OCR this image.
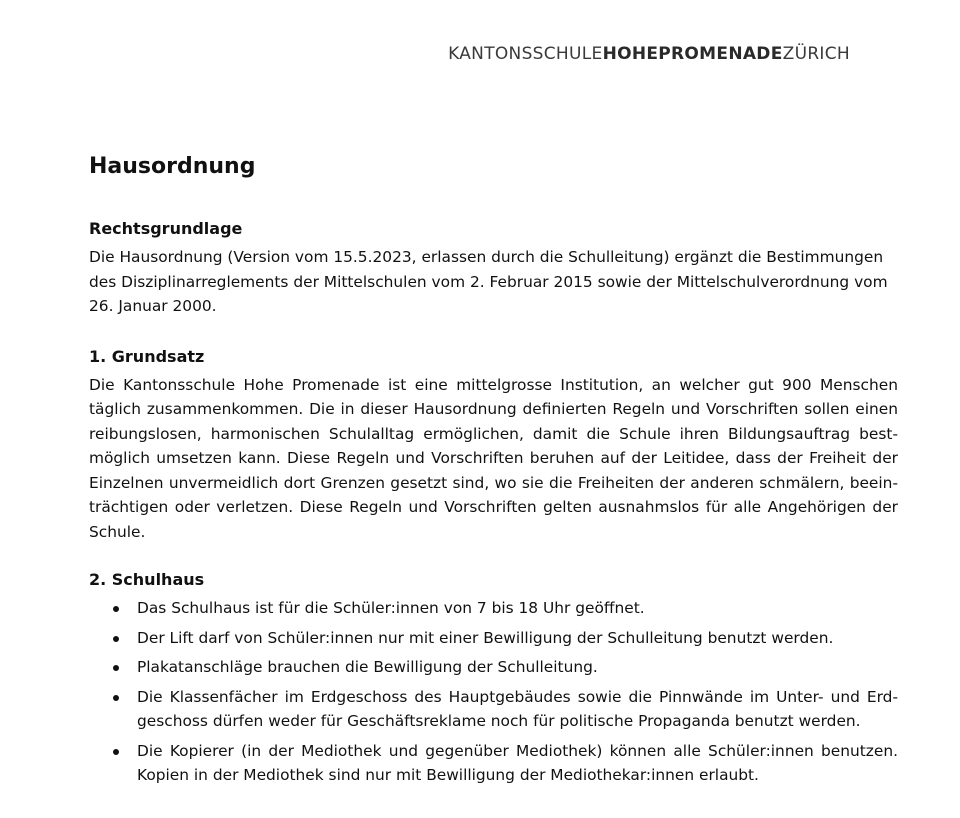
KANTONSSCHULEHOHEPROMENADEZÜRICH
Hausordnung
Rechtsgrundlage

Die Hausordnung (Version vom 15.5.2023, erlassen durch die Schulleitung) ergänzt die Bestimmungen des Disziplinarreglements der Mittelschulen vom 2. Februar 2015 sowie der Mittelschulverordnung vom 26. Januar 2000.

1. Grundsatz

Die Kantonsschule Hohe Promenade ist eine mittelgrosse Institution, an welcher gut 900 Menschen täglich zusammenkommen. Die in dieser Hausordnung definierten Regeln und Vorschriften sollen einen reibungslosen, harmonischen Schulalltag ermöglichen, damit die Schule ihren Bildungsauftrag bestmöglich umsetzen kann. Diese Regeln und Vorschriften beruhen auf der Leitidee, dass der Freiheit der Einzelnen unvermeidlich dort Grenzen gesetzt sind, wo sie die Freiheiten der anderen schmälern, beeinträchtigen oder verletzen. Diese Regeln und Vorschriften gelten ausnahmslos für alle Angehörigen der Schule.

2. Schulhaus
Das Schulhaus ist für die Schüler:innen von 7 bis 18 Uhr geöffnet.
Der Lift darf von Schüler:innen nur mit einer Bewilligung der Schulleitung benutzt werden.
Plakatanschläge brauchen die Bewilligung der Schulleitung.
Die Klassenfächer im Erdgeschoss des Hauptgebäudes sowie die Pinnwände im Unter- und Erdgeschoss dürfen weder für Geschäftsreklame noch für politische Propaganda benutzt werden.
Die Kopierer (in der Mediothek und gegenüber Mediothek) können alle Schüler:innen benutzen. Kopien in der Mediothek sind nur mit Bewilligung der Mediothekar:innen erlaubt.
